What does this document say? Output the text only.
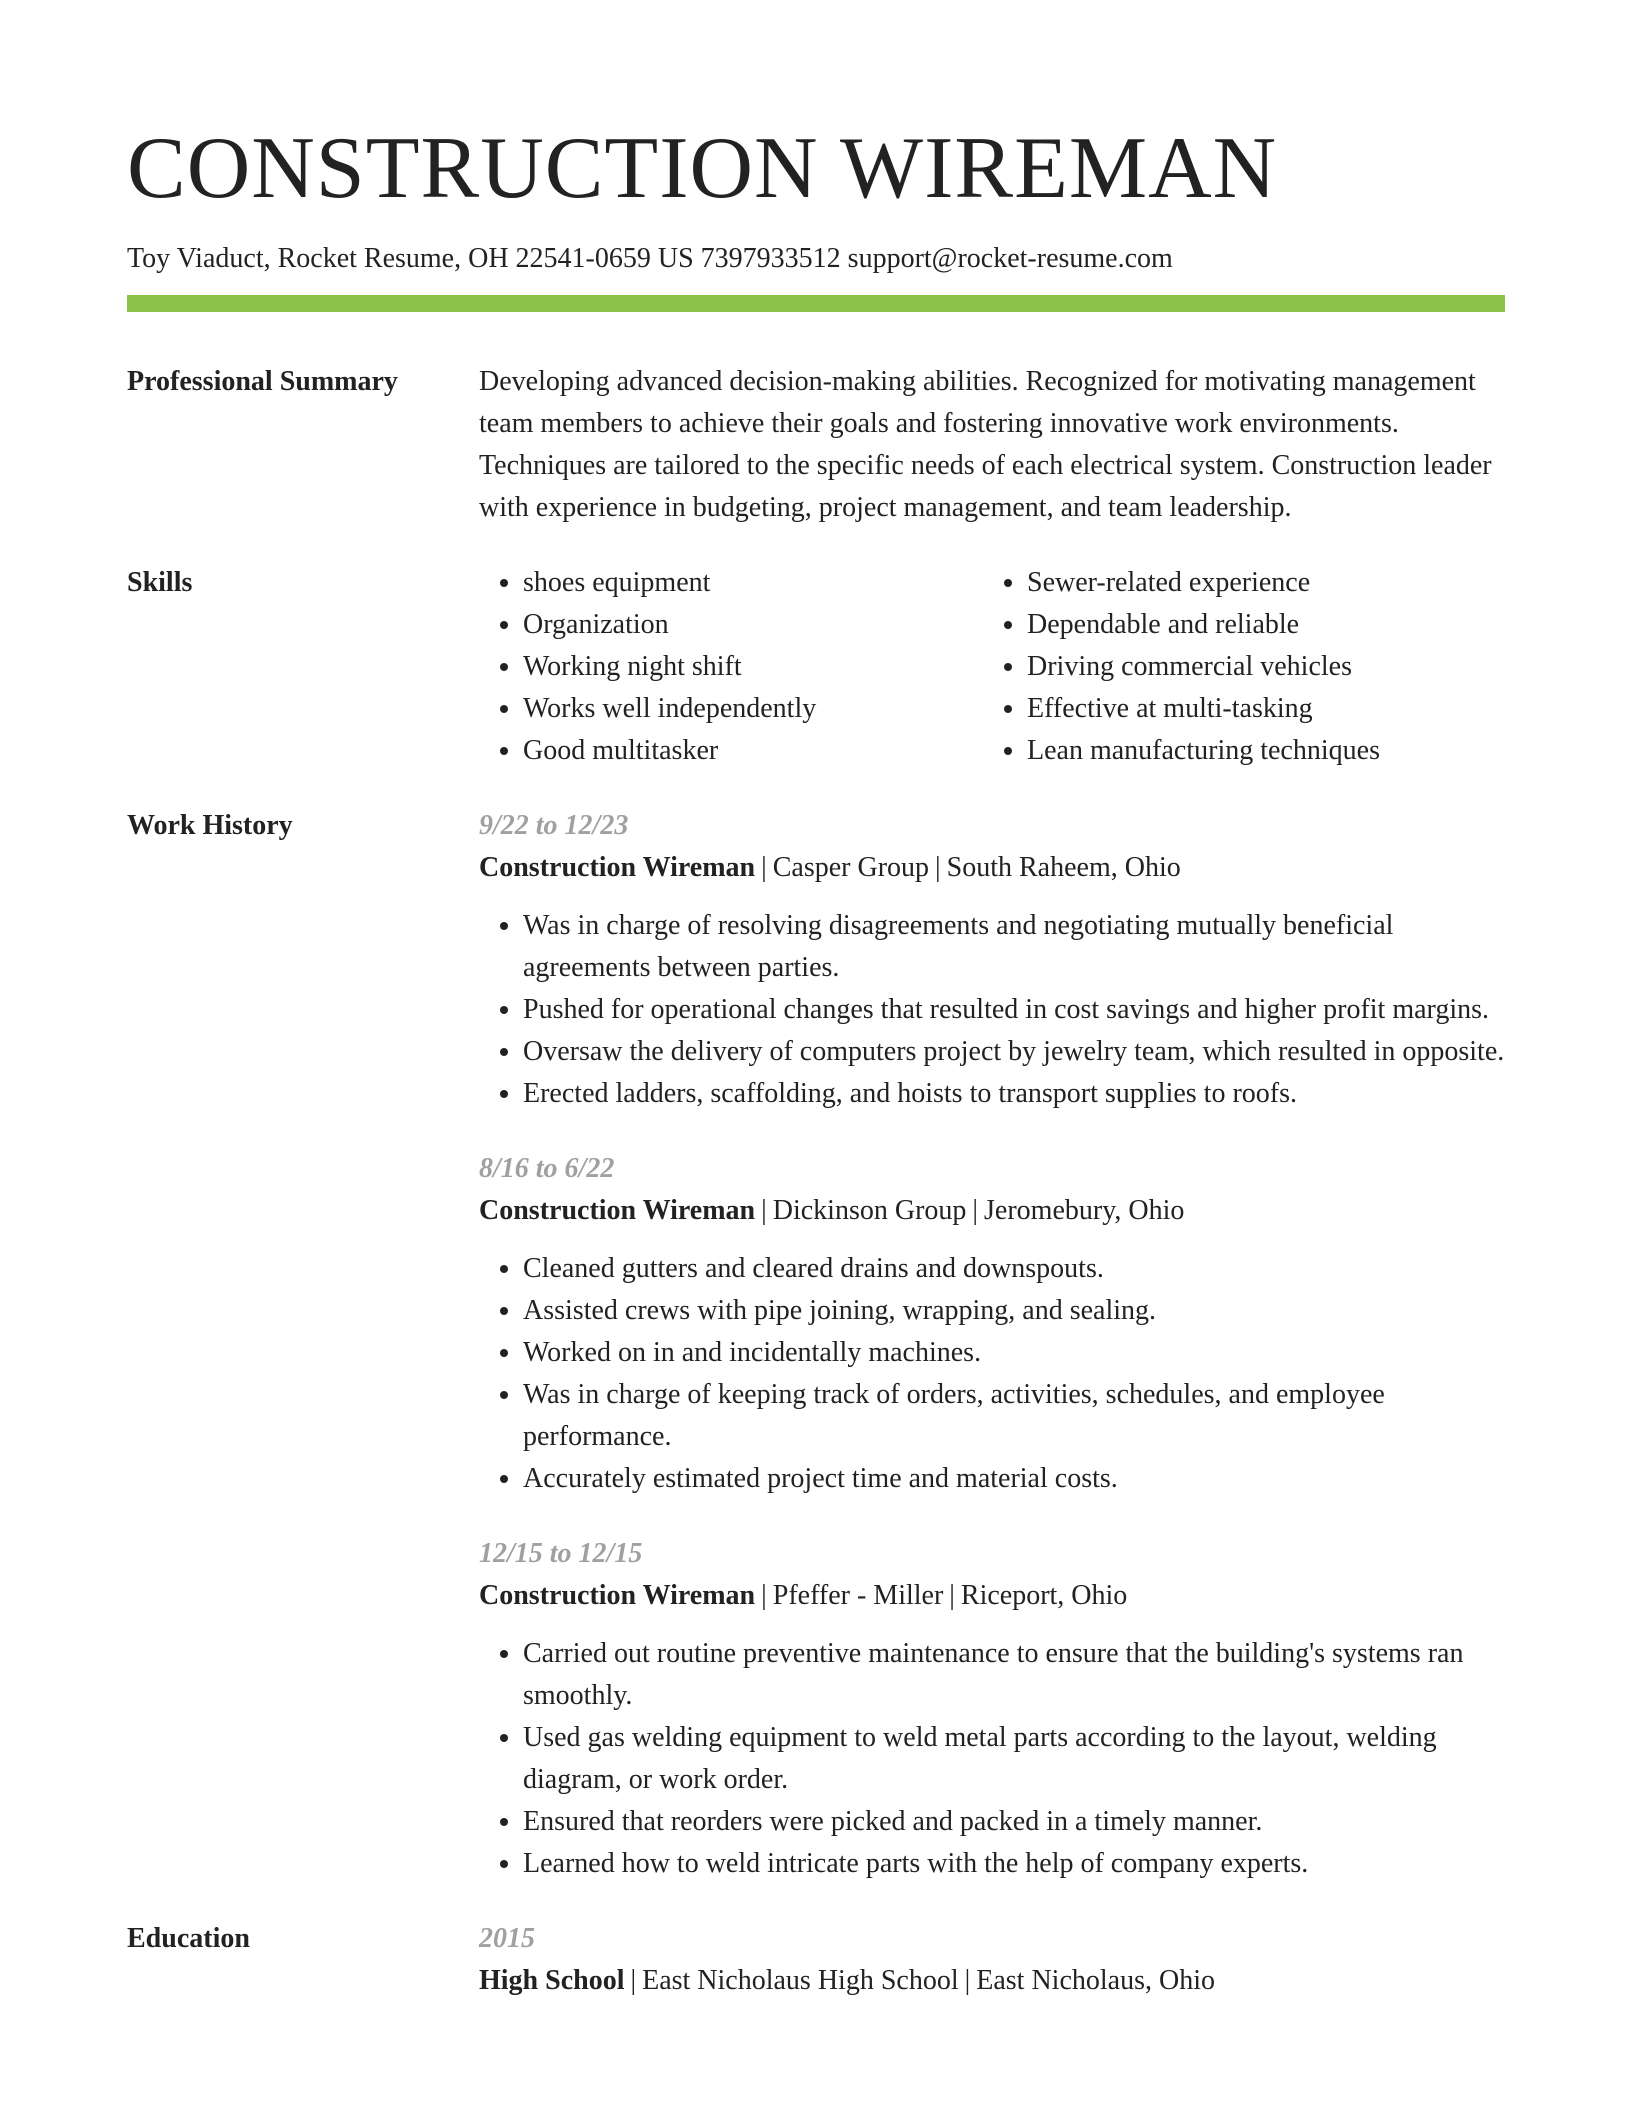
CONSTRUCTION WIREMAN
Toy Viaduct, Rocket Resume, OH 22541-0659 US 7397933512 support@rocket-resume.com
Professional Summary	Developing advanced decision-making abilities. Recognized for motivating management team members to achieve their goals and fostering innovative work environments. Techniques are tailored to the specific needs of each electrical system. Construction leader with experience in budgeting, project management, and team leadership.
Skills
•	shoes equipment
• Organization
• Working night shift
• Works well independently
• Good multitasker
• Sewer-related experience
• Dependable and reliable
• Driving commercial vehicles
• Effective at multi-tasking
• Lean manufacturing techniques
Work History	9/22 to 12/23
Construction Wireman | Casper Group | South Raheem, Ohio
• Was in charge of resolving disagreements and negotiating mutually beneficial agreements between parties.
• Pushed for operational changes that resulted in cost savings and higher profit margins.
• Oversaw the delivery of computers project by jewelry team, which resulted in opposite.
• Erected ladders, scaffolding, and hoists to transport supplies to roofs.
8/16 to 6/22
Construction Wireman | Dickinson Group | Jeromebury, Ohio
• Cleaned gutters and cleared drains and downspouts.
• Assisted crews with pipe joining, wrapping, and sealing.
• Worked on in and incidentally machines.
• Was in charge of keeping track of orders, activities, schedules, and employee performance.
• Accurately estimated project time and material costs.
12/15 to 12/15
Construction Wireman | Pfeffer - Miller | Riceport, Ohio
• Carried out routine preventive maintenance to ensure that the building's systems ran smoothly.
• Used gas welding equipment to weld metal parts according to the layout, welding diagram, or work order.
• Ensured that reorders were picked and packed in a timely manner.
• Learned how to weld intricate parts with the help of company experts.
Education	2015
High School | East Nicholaus High School | East Nicholaus, Ohio
